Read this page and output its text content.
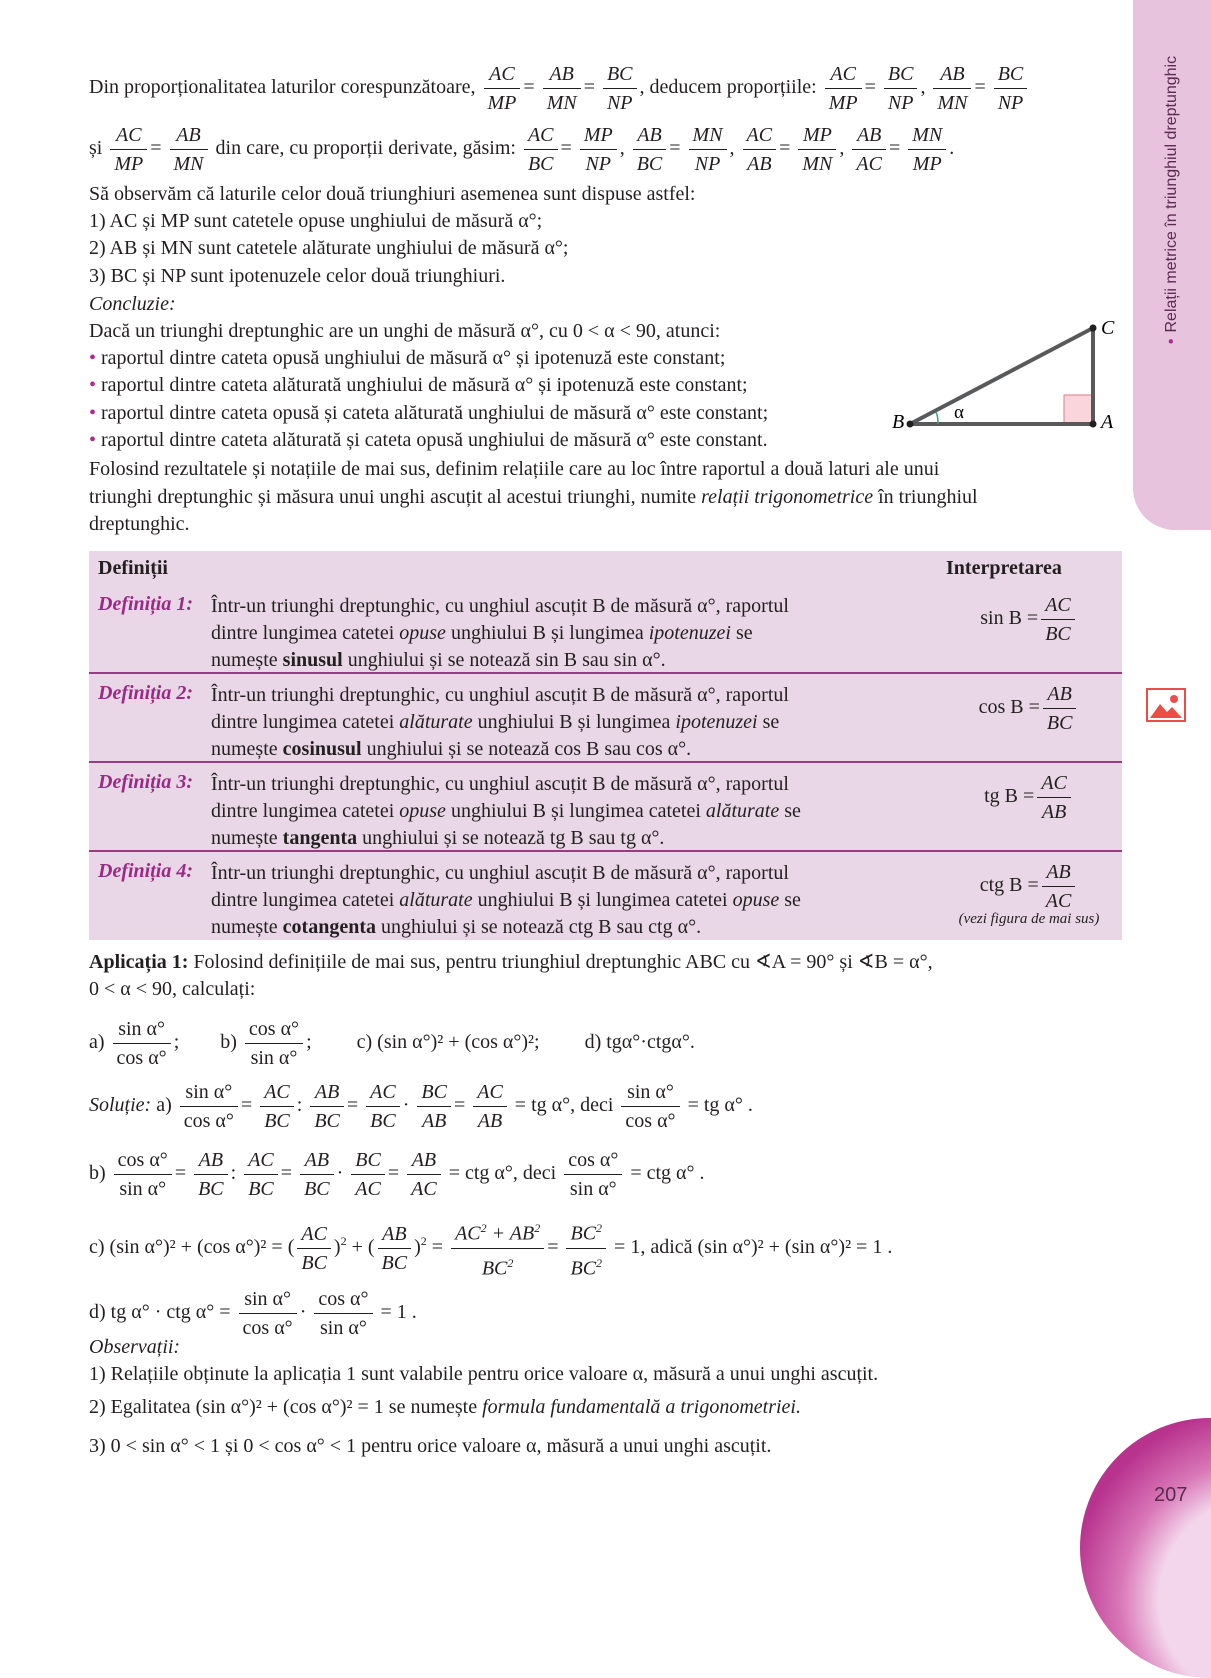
•Relații metrice în triunghiul dreptunghic
207
Din proporționalitatea laturilor corespunzătoare, $\frac{AC}{MP} = \frac{AB}{MN} = \frac{BC}{NP}$ , deducem proporțiile: $\frac{AC}{MP} = \frac{BC}{NP}$ , $\frac{AB}{MN} = \frac{BC}{NP}$
și $\frac{AC}{MP} = \frac{AB}{MN}$ din care, cu proporții derivate, găsim: $\frac{AC}{BC} = \frac{MP}{NP}$ , $\frac{AB}{BC} = \frac{MN}{NP}$ , $\frac{AC}{AB} = \frac{MP}{MN}$ , $\frac{AB}{AC} = \frac{MN}{MP}$ .
Să observăm că laturile celor două triunghiuri asemenea sunt dispuse astfel:
1) AC și MP sunt catetele opuse unghiului de măsură α°;
2) AB și MN sunt catetele alăturate unghiului de măsură α°;
3) BC și NP sunt ipotenuzele celor două triunghiuri.
Concluzie:
Dacă un triunghi dreptunghic are un unghi de măsură α°, cu 0 < α < 90, atunci:
• raportul dintre cateta opusă unghiului de măsură α° și ipotenuză este constant;
• raportul dintre cateta alăturată unghiului de măsură α° și ipotenuză este constant;
• raportul dintre cateta opusă și cateta alăturată unghiului de măsură α° este constant;
• raportul dintre cateta alăturată și cateta opusă unghiului de măsură α° este constant.
Folosind rezultatele și notațiile de mai sus, definim relațiile care au loc între raportul a două laturi ale unui
triunghi dreptunghic și măsura unui unghi ascuțit al acestui triunghi, numite relații trigonometrice în triunghiul
dreptunghic.
B	A
C
α
Definiții	Interpretarea
Definiția 1: Într-un triunghi dreptunghic, cu unghiul ascuțit B de măsură α°, raportul
dintre lungimea catetei opuse unghiului B și lungimea ipotenuzei se
numește sinusul unghiului și se notează sin B sau sin α°.
$\sin B = \frac{AC}{BC}$
Definiția 2: Într-un triunghi dreptunghic, cu unghiul ascuțit B de măsură α°, raportul
dintre lungimea catetei alăturate unghiului B și lungimea ipotenuzei se
numește cosinusul unghiului și se notează cos B sau cos α°.
$\cos B = \frac{AB}{BC}$
Definiția 3: Într-un triunghi dreptunghic, cu unghiul ascuțit B de măsură α°, raportul
dintre lungimea catetei opuse unghiului B și lungimea catetei alăturate se
numește tangenta unghiului și se notează tg B sau tg α°.
tg $B = \frac{AC}{AB}$
Definiția 4: Într-un triunghi dreptunghic, cu unghiul ascuțit B de măsură α°, raportul
dintre lungimea catetei alăturate unghiului B și lungimea catetei opuse se
numește cotangenta unghiului și se notează ctg B sau ctg α°.
ctg $B = \frac{AB}{AC}$
(vezi figura de mai sus)
Aplicația 1: Folosind definițiile de mai sus, pentru triunghiul dreptunghic ABC cu ∢A = 90° și ∢B = α°,
0 < α < 90, calculați:
$a) \frac{\text{sin α°}}{\text{cos α°}}$ ; $b) \frac{\text{cos α°}}{\text{sin α°}}$ ; c) (sin α°)² + (cos α°)²; d) tgα°·ctgα°.
Soluție: $a) \frac{\text{sin α°}}{\text{cos α°}} = \frac{AC}{BC}$ : $\frac{AB}{BC} = \frac{AC}{BC} \cdot \frac{BC}{AB} = \frac{AC}{AB}$ = tg α°, deci $\frac{\text{sin α°}}{\text{cos α°}}$ = tg α° .
$b) \frac{\text{cos α°}}{\text{sin α°}} = \frac{AB}{BC}$ : $\frac{AC}{BC} = \frac{AB}{BC} \cdot \frac{BC}{AC} = \frac{AB}{AC}$ = ctg α°, deci $\frac{\text{cos α°}}{\text{sin α°}}$ = ctg α° .
c) (sin α°)² + (cos α°)² = ( $\frac{AC}{BC} )^2$ + ( $\frac{AB}{BC} )^2 = \frac{AC^2 + AB^2}{BC^2} = \frac{BC^2}{BC^2} = 1$, adică (sin α°)² + (sin α°)² = 1 .
d) tg α° · ctg $\alpha^\circ = \frac{\text{sin α°}}{\text{cos α°}} \cdot \frac{\text{cos α°}}{\text{sin α°}} = 1$ .
Observații:
1) Relațiile obținute la aplicația 1 sunt valabile pentru orice valoare α, măsură a unui unghi ascuțit.
2) Egalitatea (sin α°)² + (cos α°)² = 1 se numește formula fundamentală a trigonometriei.
3) 0 < sin α° < 1 și 0 < cos α° < 1 pentru orice valoare α, măsură a unui unghi ascuțit.
